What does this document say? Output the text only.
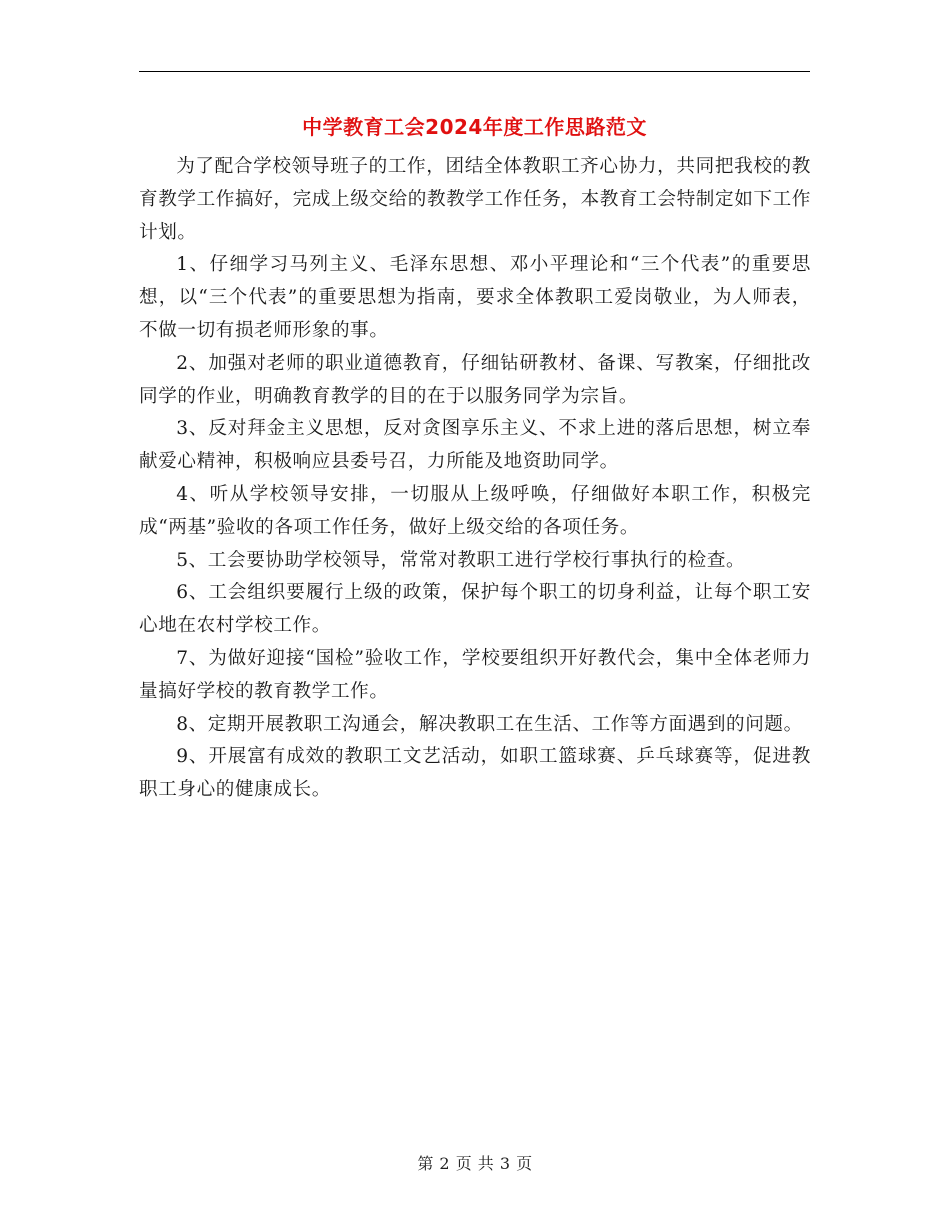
中学教育工会2024年度工作思路范文

为了配合学校领导班子的工作，团结全体教职工齐心协力，共同把我校的教育教学工作搞好，完成上级交给的教教学工作任务，本教育工会特制定如下工作计划。

1、仔细学习马列主义、毛泽东思想、邓小平理论和“三个代表”的重要思想，以“三个代表”的重要思想为指南，要求全体教职工爱岗敬业，为人师表，不做一切有损老师形象的事。

2、加强对老师的职业道德教育，仔细钻研教材、备课、写教案，仔细批改同学的作业，明确教育教学的目的在于以服务同学为宗旨。

3、反对拜金主义思想，反对贪图享乐主义、不求上进的落后思想，树立奉献爱心精神，积极响应县委号召，力所能及地资助同学。

4、听从学校领导安排，一切服从上级呼唤，仔细做好本职工作，积极完成“两基”验收的各项工作任务，做好上级交给的各项任务。

5、工会要协助学校领导，常常对教职工进行学校行事执行的检查。

6、工会组织要履行上级的政策，保护每个职工的切身利益，让每个职工安心地在农村学校工作。

7、为做好迎接“国检”验收工作，学校要组织开好教代会，集中全体老师力量搞好学校的教育教学工作。

8、定期开展教职工沟通会，解决教职工在生活、工作等方面遇到的问题。

9、开展富有成效的教职工文艺活动，如职工篮球赛、乒乓球赛等，促进教职工身心的健康成长。

第 2 页 共 3 页
